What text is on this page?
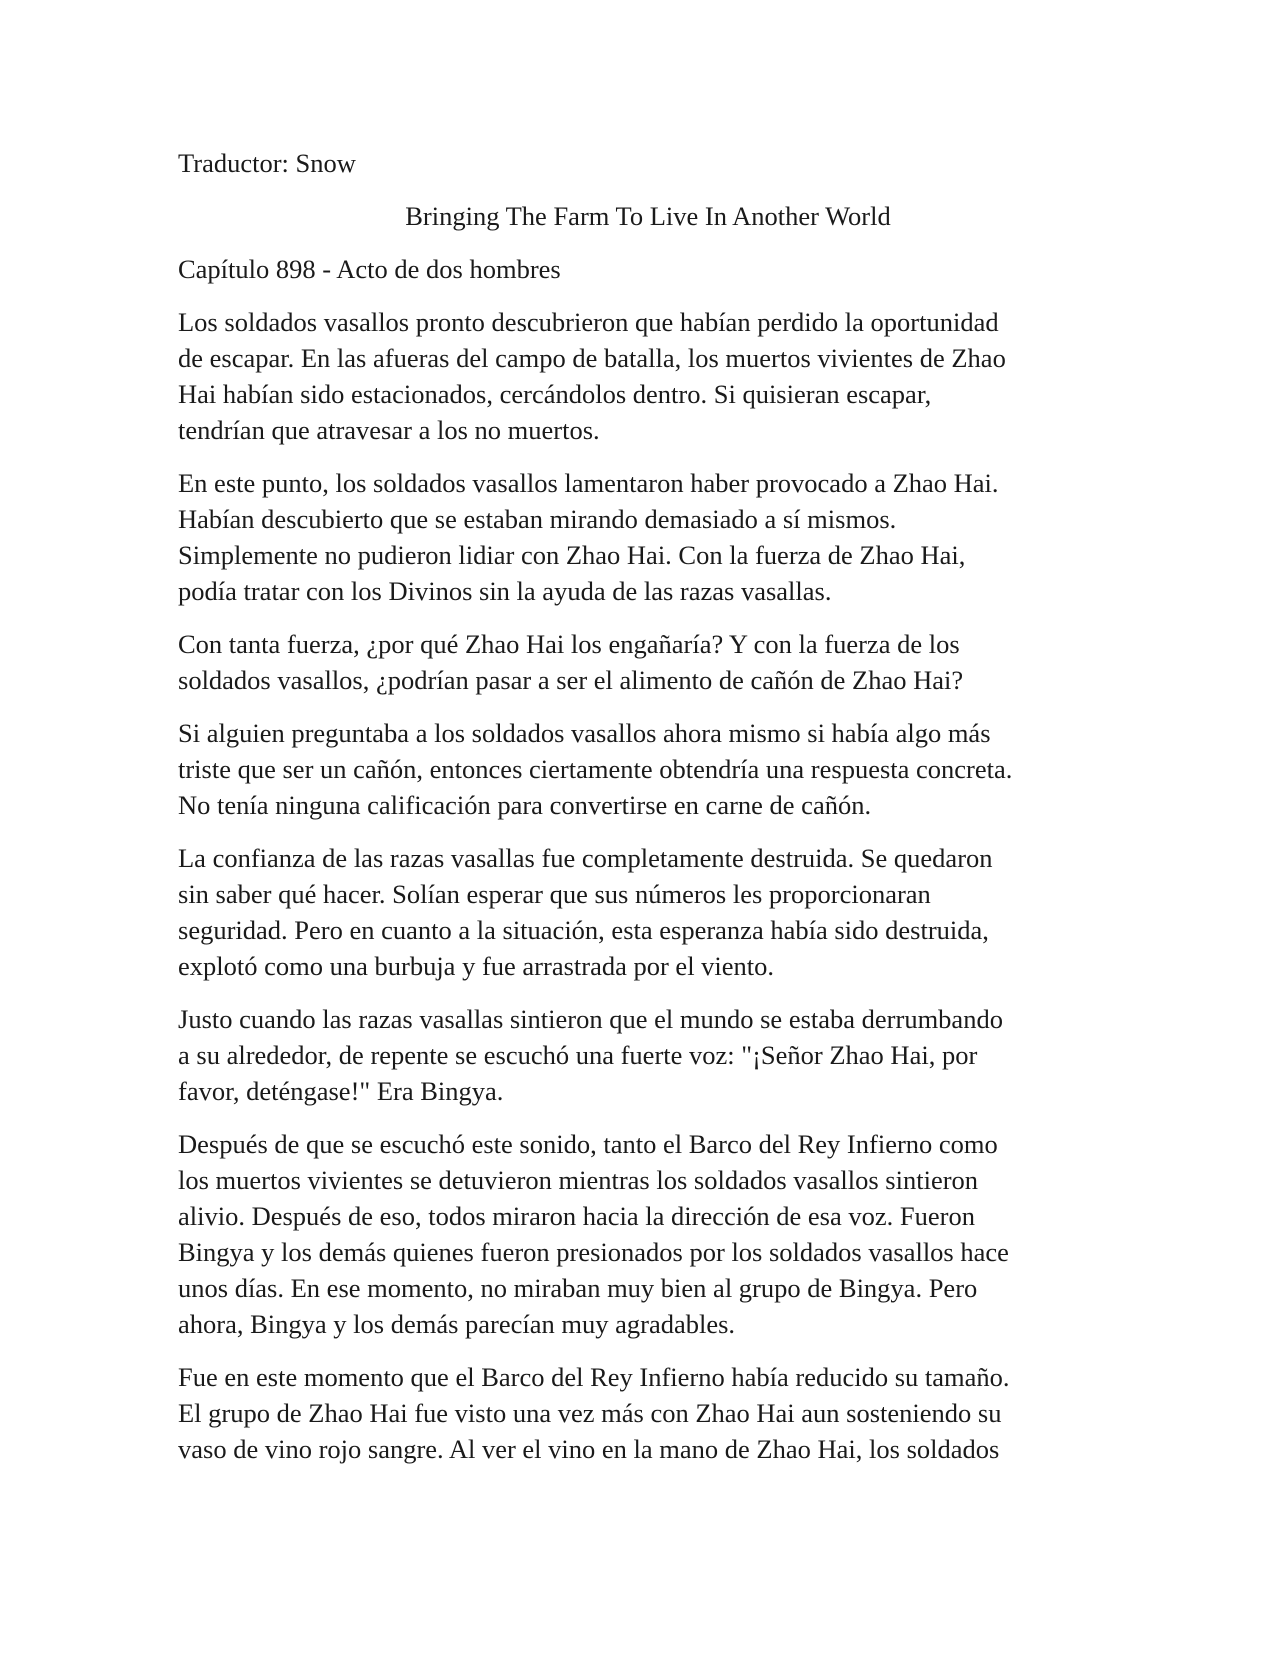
Traductor: Snow

Bringing The Farm To Live In Another World

Capítulo 898 - Acto de dos hombres

Los soldados vasallos pronto descubrieron que habían perdido la oportunidad
de escapar. En las afueras del campo de batalla, los muertos vivientes de Zhao
Hai habían sido estacionados, cercándolos dentro. Si quisieran escapar,
tendrían que atravesar a los no muertos.

En este punto, los soldados vasallos lamentaron haber provocado a Zhao Hai.
Habían descubierto que se estaban mirando demasiado a sí mismos.
Simplemente no pudieron lidiar con Zhao Hai. Con la fuerza de Zhao Hai,
podía tratar con los Divinos sin la ayuda de las razas vasallas.

Con tanta fuerza, ¿por qué Zhao Hai los engañaría? Y con la fuerza de los
soldados vasallos, ¿podrían pasar a ser el alimento de cañón de Zhao Hai?

Si alguien preguntaba a los soldados vasallos ahora mismo si había algo más
triste que ser un cañón, entonces ciertamente obtendría una respuesta concreta.
No tenía ninguna calificación para convertirse en carne de cañón.

La confianza de las razas vasallas fue completamente destruida. Se quedaron
sin saber qué hacer. Solían esperar que sus números les proporcionaran
seguridad. Pero en cuanto a la situación, esta esperanza había sido destruida,
explotó como una burbuja y fue arrastrada por el viento.

Justo cuando las razas vasallas sintieron que el mundo se estaba derrumbando
a su alrededor, de repente se escuchó una fuerte voz: "¡Señor Zhao Hai, por
favor, deténgase!" Era Bingya.

Después de que se escuchó este sonido, tanto el Barco del Rey Infierno como
los muertos vivientes se detuvieron mientras los soldados vasallos sintieron
alivio. Después de eso, todos miraron hacia la dirección de esa voz. Fueron
Bingya y los demás quienes fueron presionados por los soldados vasallos hace
unos días. En ese momento, no miraban muy bien al grupo de Bingya. Pero
ahora, Bingya y los demás parecían muy agradables.

Fue en este momento que el Barco del Rey Infierno había reducido su tamaño.
El grupo de Zhao Hai fue visto una vez más con Zhao Hai aun sosteniendo su
vaso de vino rojo sangre. Al ver el vino en la mano de Zhao Hai, los soldados
